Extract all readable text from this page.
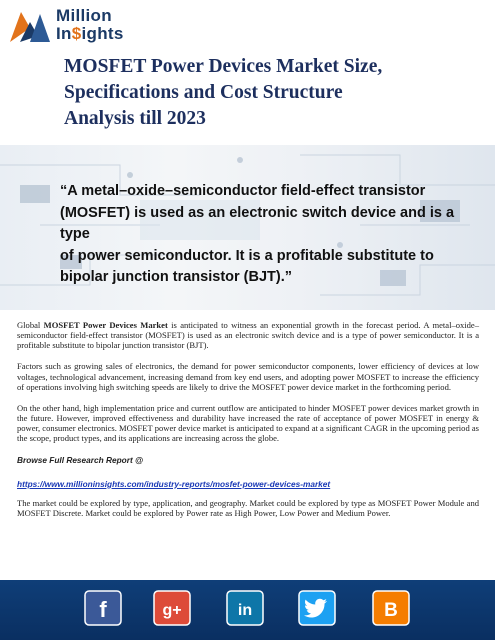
Million
In$ights
MOSFET Power Devices Market Size,
Specifications and Cost Structure
Analysis till 2023
“A metal–oxide–semiconductor field-effect transistor
(MOSFET) is used as an electronic switch device and is a type
of power semiconductor. It is a profitable substitute to
bipolar junction transistor (BJT).”

Global MOSFET Power Devices Market is anticipated to witness an exponential growth in the forecast period. A metal–oxide–semiconductor field-effect transistor (MOSFET) is used as an electronic switch device and is a type of power semiconductor. It is a profitable substitute to bipolar junction transistor (BJT).

Factors such as growing sales of electronics, the demand for power semiconductor components, lower efficiency of devices at low voltages, technological advancement, increasing demand from key end users, and adopting power MOSFET to increase the efficiency of operations involving high switching speeds are likely to drive the MOSFET power device market in the forthcoming period.

On the other hand, high implementation price and current outflow are anticipated to hinder MOSFET power devices market growth in the future. However, improved effectiveness and durability have increased the rate of acceptance of power MOSFET in energy & power, consumer electronics. MOSFET power device market is anticipated to expand at a significant CAGR in the upcoming period as the scope, product types, and its applications are increasing across the globe.

Browse Full Research Report @
https://www.millioninsights.com/industry-reports/mosfet-power-devices-market

The market could be explored by type, application, and geography. Market could be explored by type as MOSFET Power Module and MOSFET Discrete. Market could be explored by Power rate as High Power, Low Power and Medium Power.

f	g+	in	B
